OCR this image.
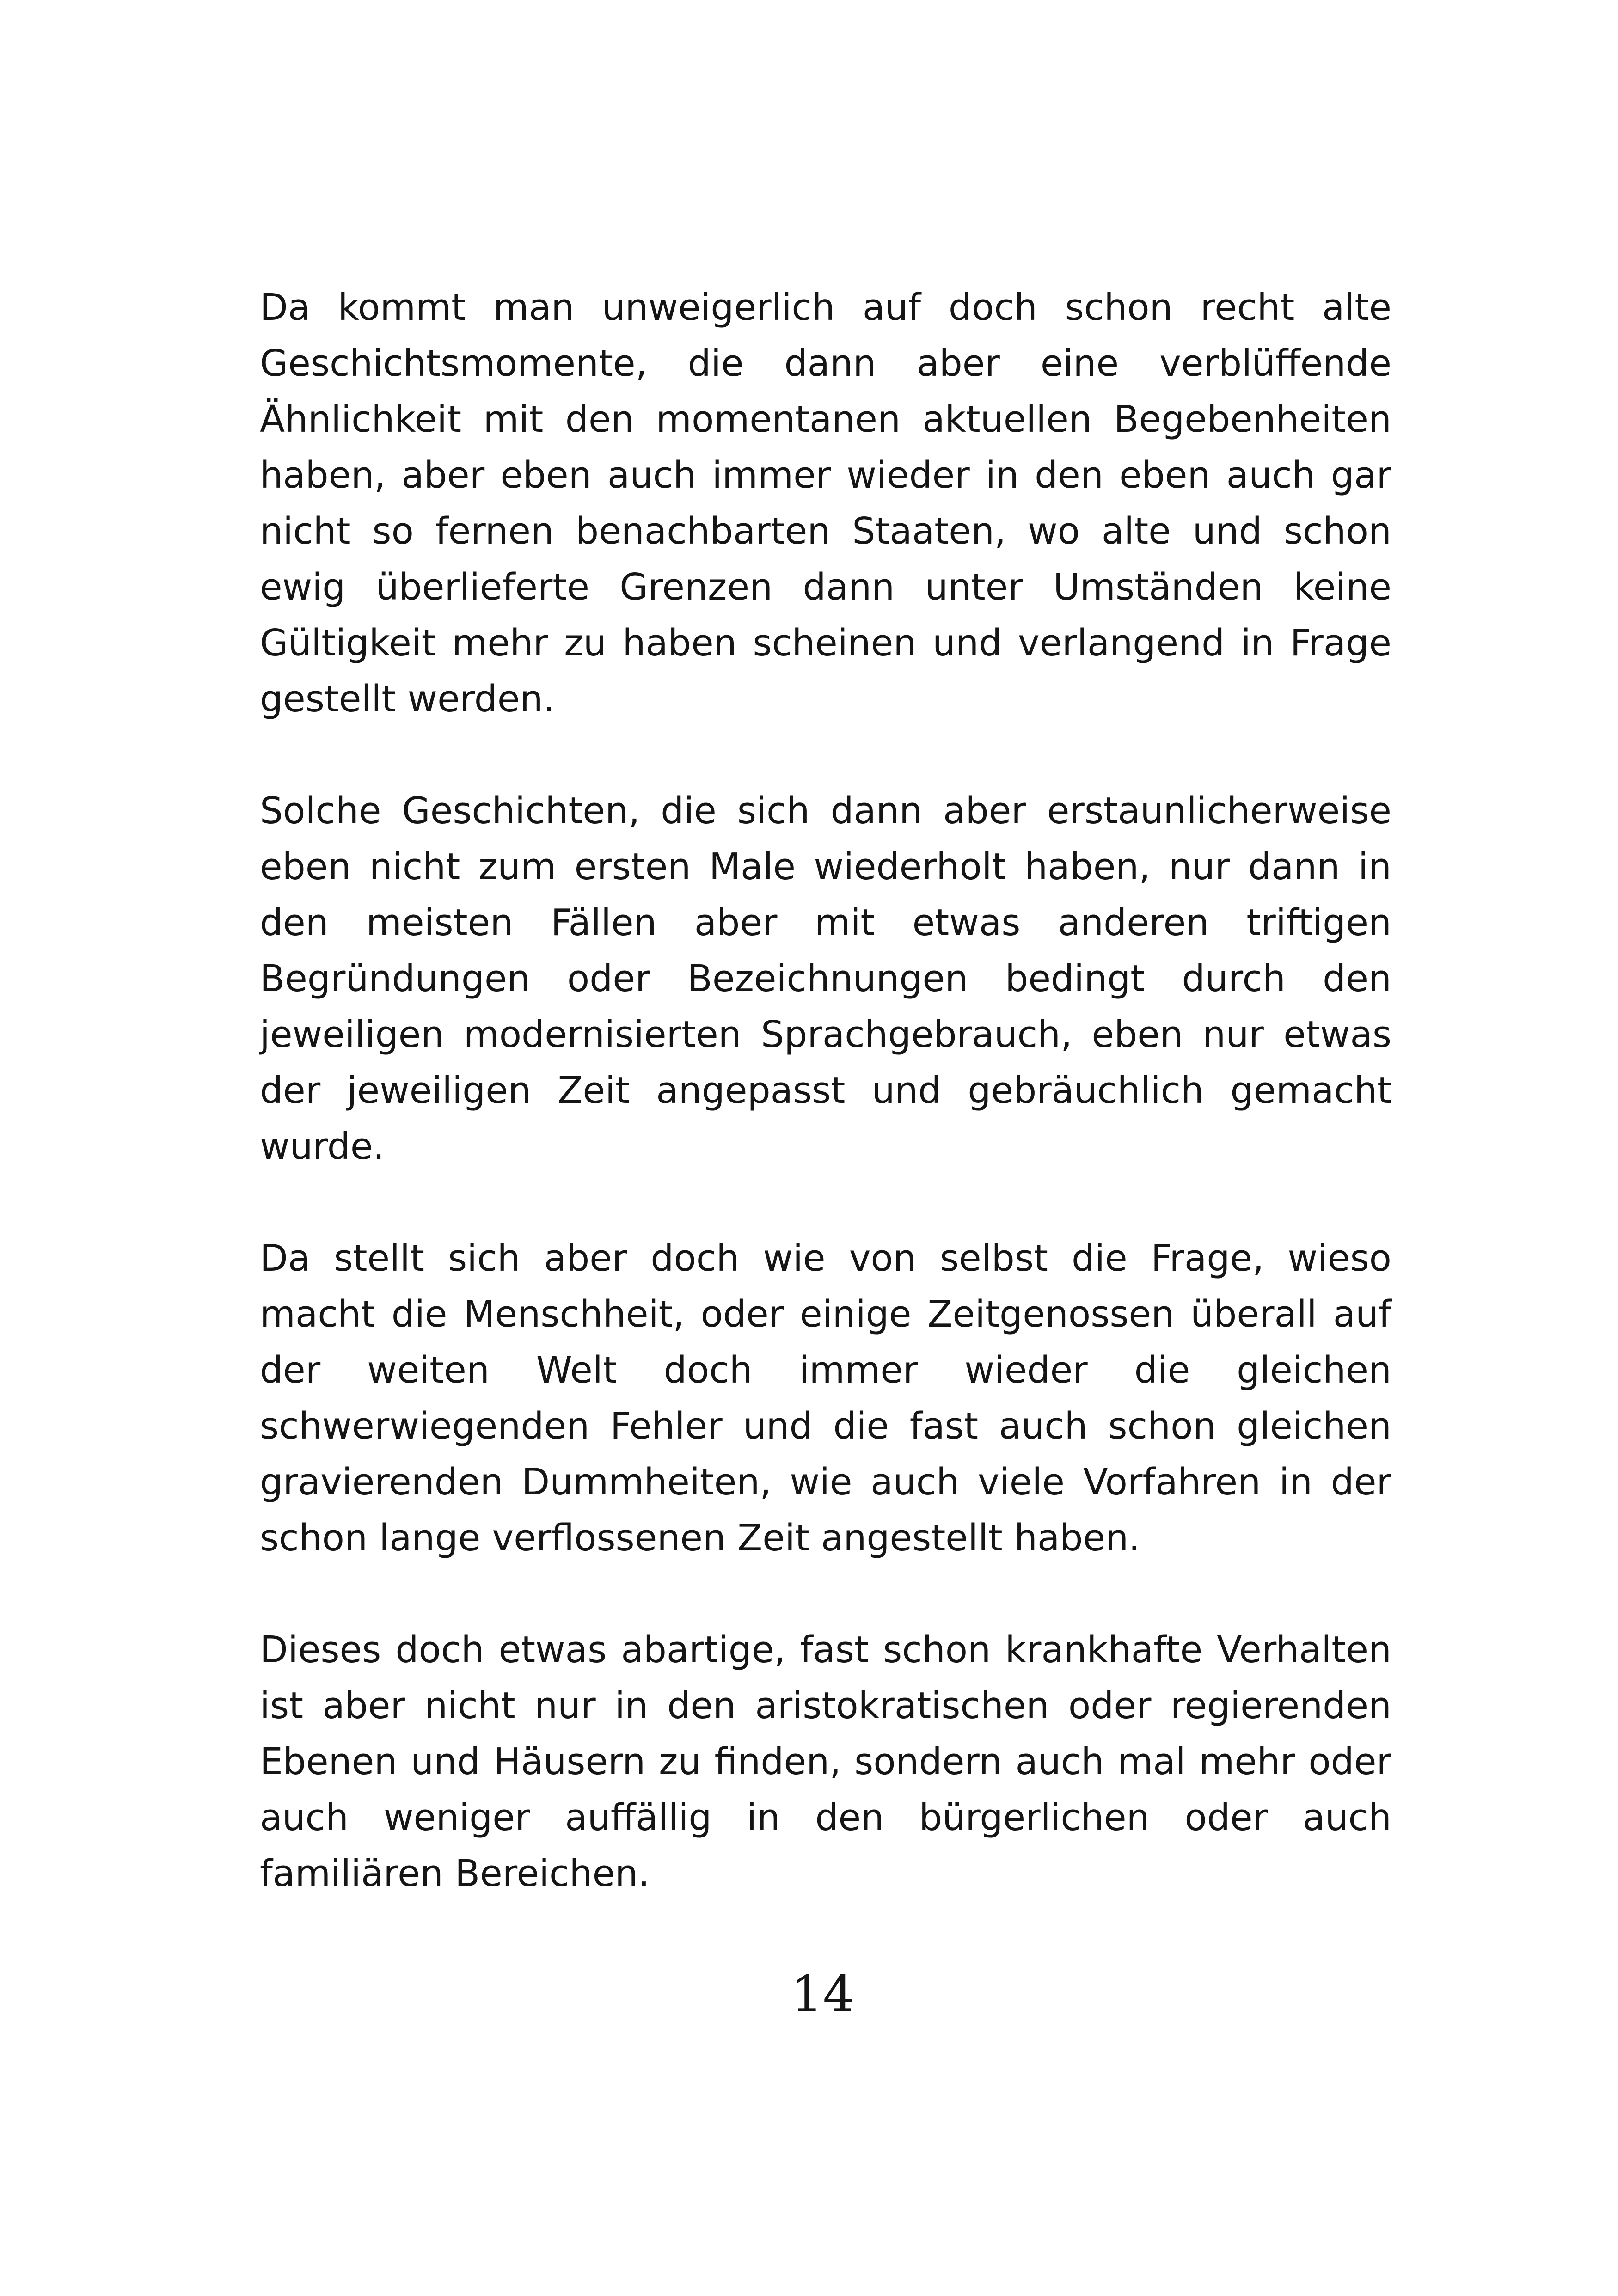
Da kommt man unweigerlich auf doch schon recht alte Geschichtsmomente, die dann aber eine verblüffende Ähnlichkeit mit den momentanen aktuellen Begebenheiten haben, aber eben auch immer wieder in den eben auch gar nicht so fernen benachbarten Staaten, wo alte und schon ewig überlieferte Grenzen dann unter Umständen keine Gültigkeit mehr zu haben scheinen und verlangend in Frage gestellt werden.

Solche Geschichten, die sich dann aber erstaunlicherweise eben nicht zum ersten Male wiederholt haben, nur dann in den meisten Fällen aber mit etwas anderen triftigen Begründungen oder Bezeichnungen bedingt durch den jeweiligen modernisierten Sprachgebrauch, eben nur etwas der jeweiligen Zeit angepasst und gebräuchlich gemacht wurde.

Da stellt sich aber doch wie von selbst die Frage, wieso macht die Menschheit, oder einige Zeitgenossen überall auf der weiten Welt doch immer wieder die gleichen schwerwiegenden Fehler und die fast auch schon gleichen gravierenden Dummheiten, wie auch viele Vorfahren in der schon lange verflossenen Zeit angestellt haben.

Dieses doch etwas abartige, fast schon krankhafte Verhalten ist aber nicht nur in den aristokratischen oder regierenden Ebenen und Häusern zu finden, sondern auch mal mehr oder auch weniger auffällig in den bürgerlichen oder auch familiären Bereichen.

14
